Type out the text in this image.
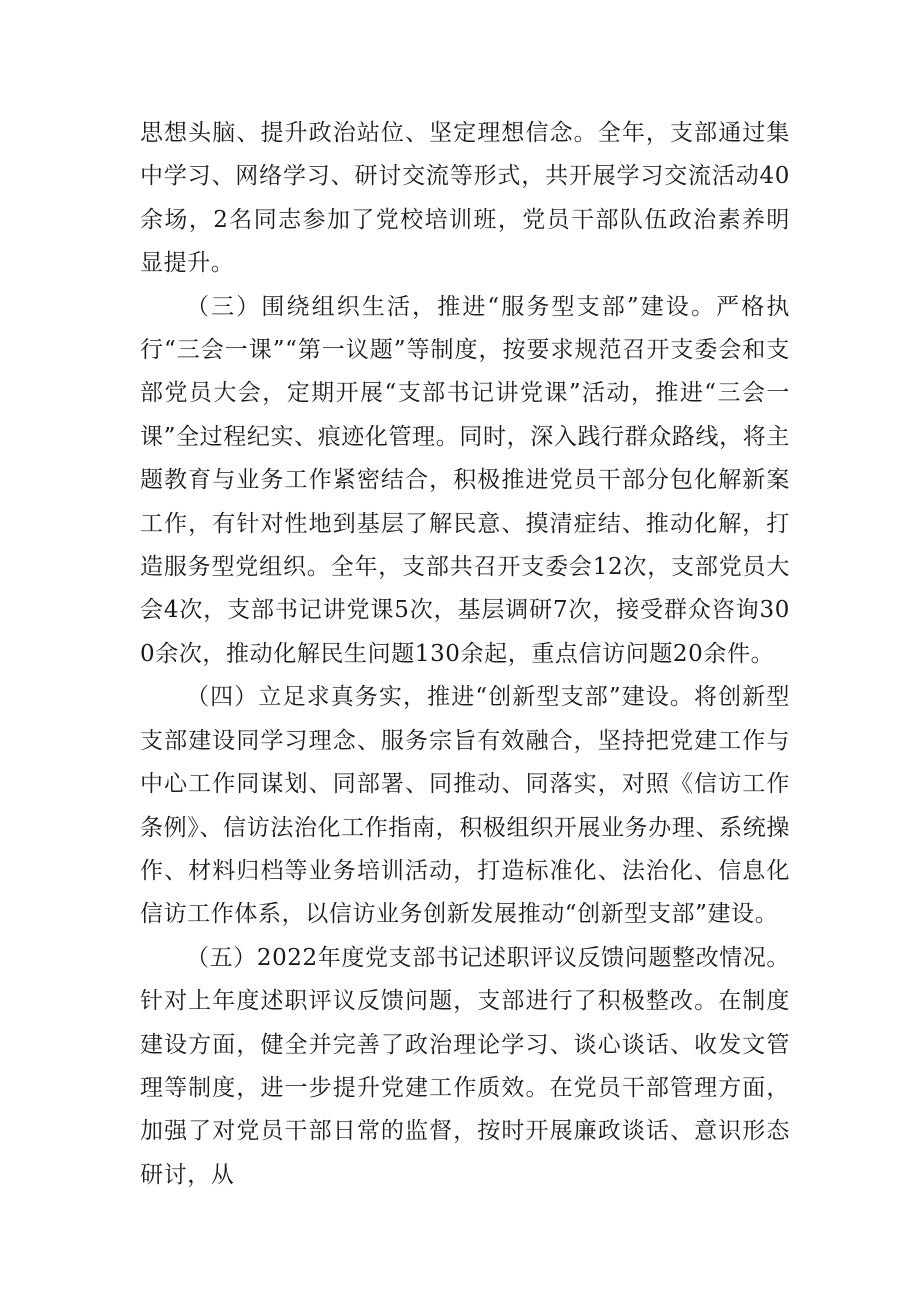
思想头脑、提升政治站位、坚定理想信念。全年，支部通过集中学习、网络学习、研讨交流等形式，共开展学习交流活动40余场，2名同志参加了党校培训班，党员干部队伍政治素养明显提升。

（三）围绕组织生活，推进“服务型支部”建设。严格执行“三会一课”“第一议题”等制度，按要求规范召开支委会和支部党员大会，定期开展“支部书记讲党课”活动，推进“三会一课”全过程纪实、痕迹化管理。同时，深入践行群众路线，将主题教育与业务工作紧密结合，积极推进党员干部分包化解新案工作，有针对性地到基层了解民意、摸清症结、推动化解，打造服务型党组织。全年，支部共召开支委会12次，支部党员大会4次，支部书记讲党课5次，基层调研7次，接受群众咨询300余次，推动化解民生问题130余起，重点信访问题20余件。

（四）立足求真务实，推进“创新型支部”建设。将创新型支部建设同学习理念、服务宗旨有效融合，坚持把党建工作与中心工作同谋划、同部署、同推动、同落实，对照《信访工作条例》、信访法治化工作指南，积极组织开展业务办理、系统操作、材料归档等业务培训活动，打造标准化、法治化、信息化信访工作体系，以信访业务创新发展推动“创新型支部”建设。

（五）2022年度党支部书记述职评议反馈问题整改情况。针对上年度述职评议反馈问题，支部进行了积极整改。在制度建设方面，健全并完善了政治理论学习、谈心谈话、收发文管理等制度，进一步提升党建工作质效。在党员干部管理方面，加强了对党员干部日常的监督，按时开展廉政谈话、意识形态研讨，从
